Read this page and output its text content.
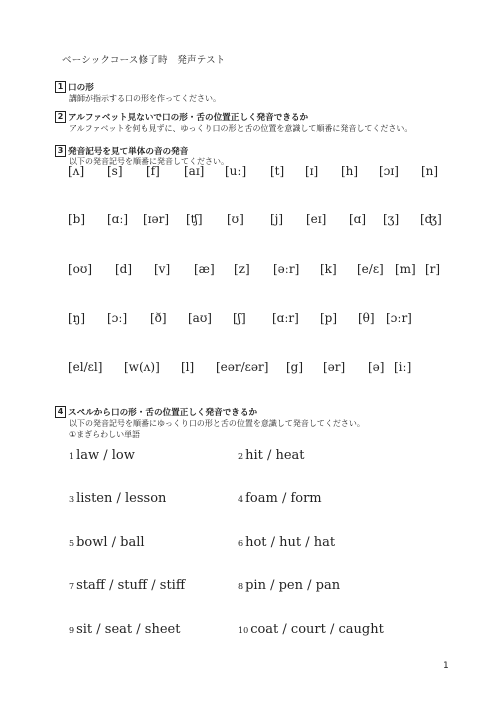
ベーシックコース修了時　発声テスト
1 口の形
講師が指示する口の形を作ってください。
2 アルファベット見ないで口の形・舌の位置正しく発音できるか
アルファベットを何も見ずに、ゆっくり口の形と舌の位置を意識して順番に発音してください。
3 発音記号を見て単体の音の発音
以下の発音記号を順番に発音してください。
[ʌ] [s] [f] [aɪ] [uː] [t] [ɪ] [h] [ɔɪ] [n]
[b] [ɑː] [ɪər] [ʧ] [ʊ] [j] [eɪ] [ɑ] [ʒ] [ʤ]
[oʊ] [d] [v] [æ] [z] [əːr] [k] [e/ɛ] [m] [r]
[ŋ] [ɔː] [ð] [aʊ] [ʃ] [ɑːr] [p] [θ] [ɔːr]
[el/ɛl] [w(ʌ)] [l] [eər/ɛər] [g] [ər] [ə] [iː]
4 スペルから口の形・舌の位置正しく発音できるか
以下の発音記号を順番にゆっくり口の形と舌の位置を意識して発音してください。
①まぎらわしい単語
1 law / low	2 hit / heat
3 listen / lesson	4 foam / form
5 bowl / ball	6 hot / hut / hat
7 staff / stuff / stiff	8 pin / pen / pan
9 sit / seat / sheet	10 coat / court / caught
1
